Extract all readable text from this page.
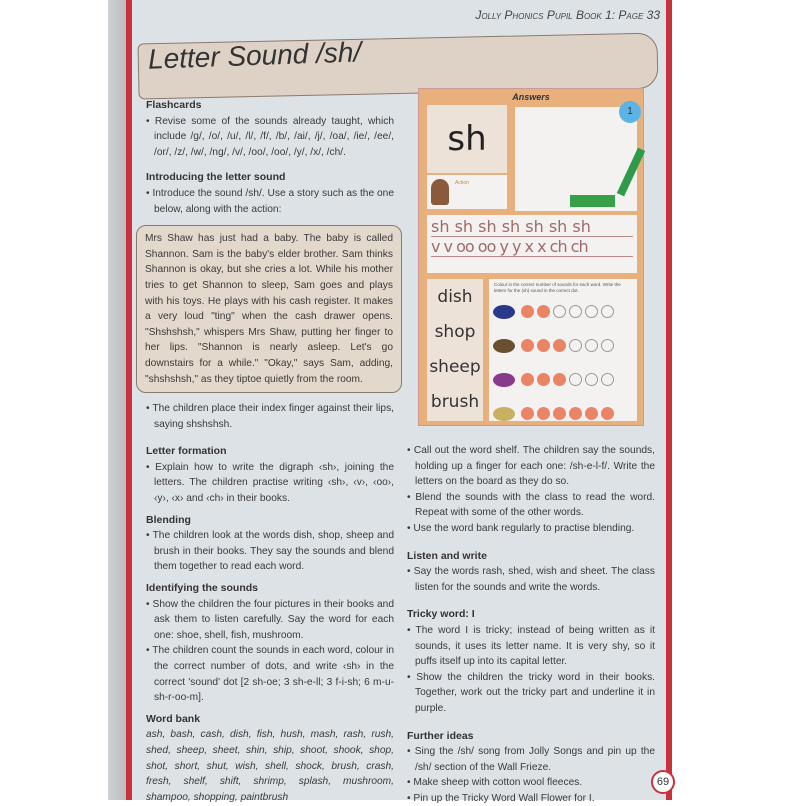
Jolly Phonics Pupil Book 1: Page 33
Letter Sound /sh/
Flashcards
• Revise some of the sounds already taught, which include /g/, /o/, /u/, /l/, /f/, /b/, /ai/, /j/, /oa/, /ie/, /ee/, /or/, /z/, /w/, /ng/, /v/, /oo/, /oo/, /y/, /x/, /ch/.
Introducing the letter sound
• Introduce the sound /sh/. Use a story such as the one below, along with the action:
Mrs Shaw has just had a baby. The baby is called Shannon. Sam is the baby's elder brother. Sam thinks Shannon is okay, but she cries a lot. While his mother tries to get Shannon to sleep, Sam goes and plays with his toys. He plays with his cash register. It makes a very loud "ting" when the cash drawer opens. "Shshshsh," whispers Mrs Shaw, putting her finger to her lips. "Shannon is nearly asleep. Let's go downstairs for a while." "Okay," says Sam, adding, "shshshsh," as they tiptoe quietly from the room.
• The children place their index finger against their lips, saying shshshsh.
Letter formation
• Explain how to write the digraph ‹sh›, joining the letters. The children practise writing ‹sh›, ‹v›, ‹oo›, ‹y›, ‹x› and ‹ch› in their books.
Blending
• The children look at the words dish, shop, sheep and brush in their books. They say the sounds and blend them together to read each word.
Identifying the sounds
• Show the children the four pictures in their books and ask them to listen carefully. Say the word for each one: shoe, shell, fish, mushroom.
• The children count the sounds in each word, colour in the correct number of dots, and write ‹sh› in the correct 'sound' dot [2 sh-oe; 3 sh-e-ll; 3 f-i-sh; 6 m-u-sh-r-oo-m].
Word bank
ash, bash, cash, dish, fish, hush, mash, rash, rush, shed, sheep, sheet, shin, ship, shoot, shook, shop, shot, short, shut, wish, shell, shock, brush, crash, fresh, shelf, shift, shrimp, splash, mushroom, shampoo, shopping, paintbrush
Answers
sh
Action
1
sh sh sh sh sh sh sh
v v oo oo y y x x ch ch
dish
shop
sheep
brush
Colour in the correct number of sounds for each word. Write the letters for the (sh) sound in the correct dot.
• Call out the word shelf. The children say the sounds, holding up a finger for each one: /sh-e-l-f/. Write the letters on the board as they do so.
• Blend the sounds with the class to read the word. Repeat with some of the other words.
• Use the word bank regularly to practise blending.
Listen and write
• Say the words rash, shed, wish and sheet. The class listen for the sounds and write the words.
Tricky word: I
• The word I is tricky; instead of being written as it sounds, it uses its letter name. It is very shy, so it puffs itself up into its capital letter.
• Show the children the tricky word in their books. Together, work out the tricky part and underline it in purple.
Further ideas
• Sing the /sh/ song from Jolly Songs and pin up the /sh/ section of the Wall Frieze.
• Make sheep with cotton wool fleeces.
• Pin up the Tricky Word Wall Flower for I.
69
